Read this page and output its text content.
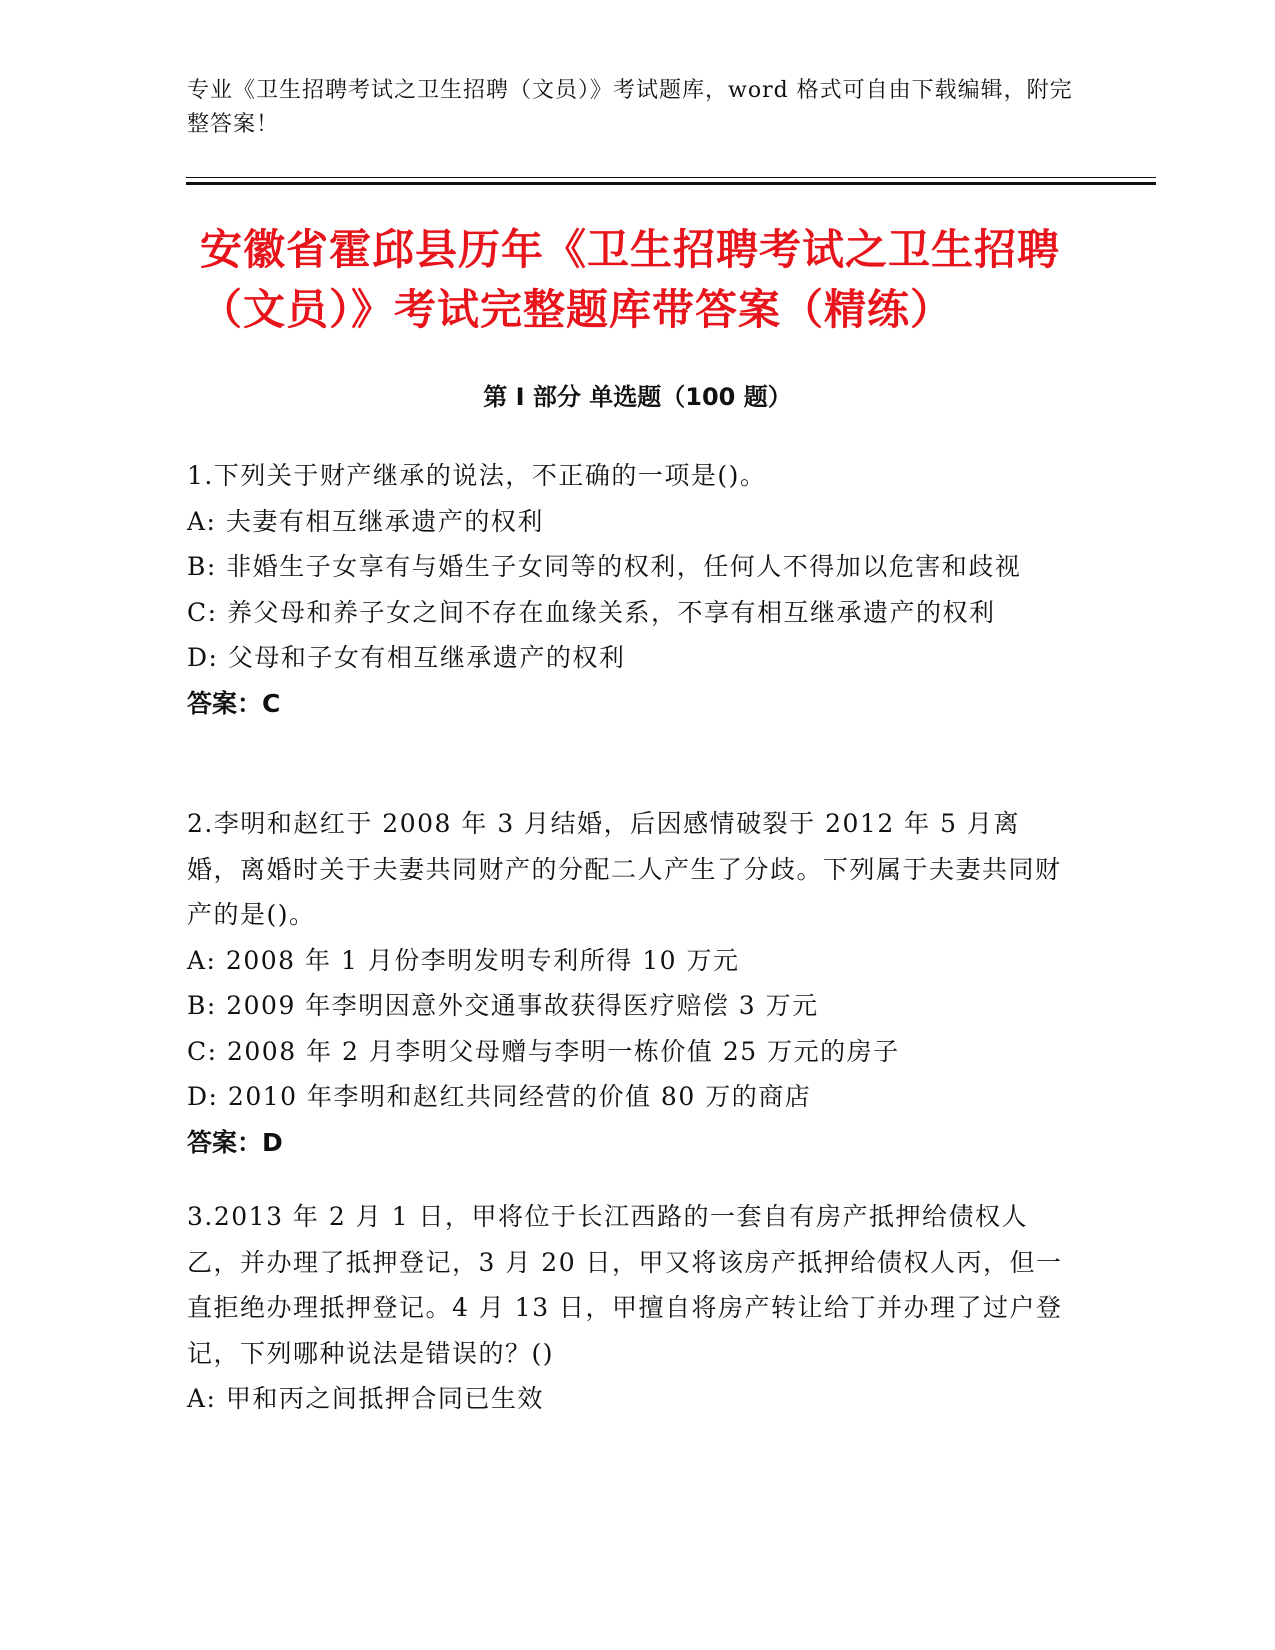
专业《卫生招聘考试之卫生招聘（文员）》考试题库，word 格式可自由下载编辑，附完整答案！
安徽省霍邱县历年《卫生招聘考试之卫生招聘（文员）》考试完整题库带答案（精练）
第 I 部分 单选题（100 题）

1.下列关于财产继承的说法，不正确的一项是()。

A: 夫妻有相互继承遗产的权利

B: 非婚生子女享有与婚生子女同等的权利，任何人不得加以危害和歧视

C: 养父母和养子女之间不存在血缘关系，不享有相互继承遗产的权利

D: 父母和子女有相互继承遗产的权利

答案：C

2.李明和赵红于 2008 年 3 月结婚，后因感情破裂于 2012 年 5 月离婚，离婚时关于夫妻共同财产的分配二人产生了分歧。下列属于夫妻共同财产的是()。

A: 2008 年 1 月份李明发明专利所得 10 万元

B: 2009 年李明因意外交通事故获得医疗赔偿 3 万元

C: 2008 年 2 月李明父母赠与李明一栋价值 25 万元的房子

D: 2010 年李明和赵红共同经营的价值 80 万的商店

答案：D

3.2013 年 2 月 1 日，甲将位于长江西路的一套自有房产抵押给债权人乙，并办理了抵押登记，3 月 20 日，甲又将该房产抵押给债权人丙，但一直拒绝办理抵押登记。4 月 13 日，甲擅自将房产转让给丁并办理了过户登记，下列哪种说法是错误的？()

A: 甲和丙之间抵押合同已生效
